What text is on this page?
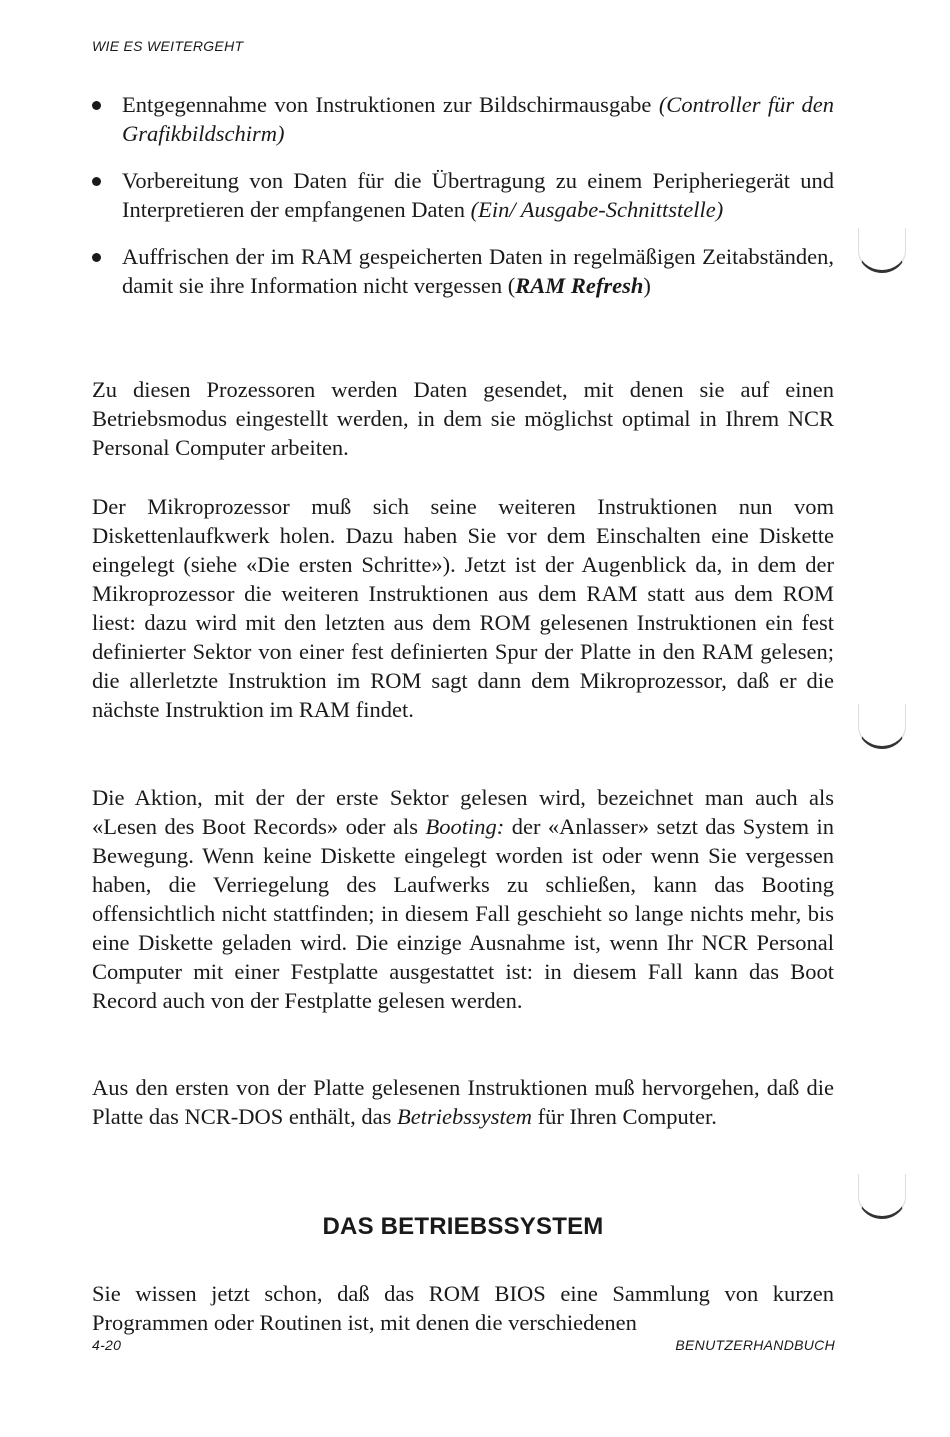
WIE ES WEITERGEHT
Entgegennahme von Instruktionen zur Bildschirmausgabe (Controller für den Grafikbildschirm)
Vorbereitung von Daten für die Übertragung zu einem Peripheriegerät und Interpretieren der empfangenen Daten (Ein/ Ausgabe-Schnittstelle)
Auffrischen der im RAM gespeicherten Daten in regelmäßigen Zeitabständen, damit sie ihre Information nicht vergessen (RAM Refresh)

Zu diesen Prozessoren werden Daten gesendet, mit denen sie auf einen Betriebsmodus eingestellt werden, in dem sie möglichst optimal in Ihrem NCR Personal Computer arbeiten.

Der Mikroprozessor muß sich seine weiteren Instruktionen nun vom Diskettenlaufkwerk holen. Dazu haben Sie vor dem Einschalten eine Diskette eingelegt (siehe «Die ersten Schritte»). Jetzt ist der Augenblick da, in dem der Mikroprozessor die weiteren Instruktionen aus dem RAM statt aus dem ROM liest: dazu wird mit den letzten aus dem ROM gelesenen Instruktionen ein fest definierter Sektor von einer fest definierten Spur der Platte in den RAM gelesen; die allerletzte Instruktion im ROM sagt dann dem Mikroprozessor, daß er die nächste Instruktion im RAM findet.

Die Aktion, mit der der erste Sektor gelesen wird, bezeichnet man auch als «Lesen des Boot Records» oder als Booting: der «Anlasser» setzt das System in Bewegung. Wenn keine Diskette eingelegt worden ist oder wenn Sie vergessen haben, die Verriegelung des Laufwerks zu schließen, kann das Booting offensichtlich nicht stattfinden; in diesem Fall geschieht so lange nichts mehr, bis eine Diskette geladen wird. Die einzige Ausnahme ist, wenn Ihr NCR Personal Computer mit einer Festplatte ausgestattet ist: in diesem Fall kann das Boot Record auch von der Festplatte gelesen werden.

Aus den ersten von der Platte gelesenen Instruktionen muß hervorgehen, daß die Platte das NCR-DOS enthält, das Betriebssystem für Ihren Computer.

DAS BETRIEBSSYSTEM

Sie wissen jetzt schon, daß das ROM BIOS eine Sammlung von kurzen Programmen oder Routinen ist, mit denen die verschiedenen

4-20	BENUTZERHANDBUCH
